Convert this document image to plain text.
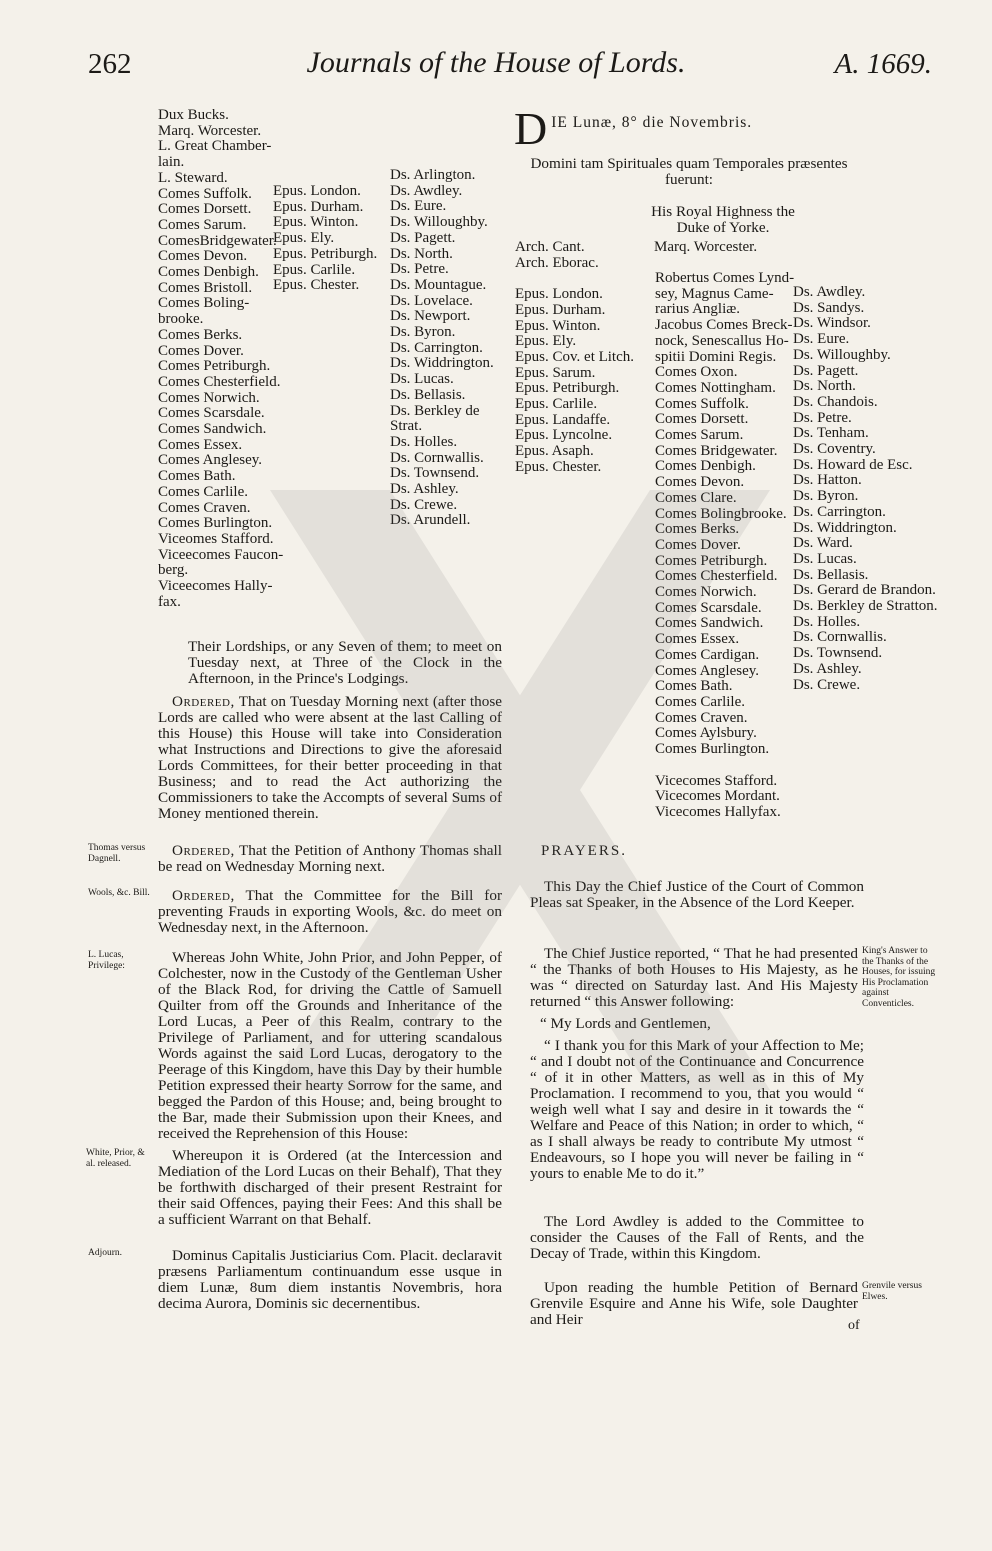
262	Journals of the House of Lords.	A. 1669.
Dux Bucks.
Marq. Worcester.
L. Great Chamber-
lain.
L. Steward.
Comes Suffolk.
Comes Dorsett.
Comes Sarum.
ComesBridgewater.
Comes Devon.
Comes Denbigh.
Comes Bristoll.
Comes Boling-
brooke.
Comes Berks.
Comes Dover.
Comes Petriburgh.
Comes Chesterfield.
Comes Norwich.
Comes Scarsdale.
Comes Sandwich.
Comes Essex.
Comes Anglesey.
Comes Bath.
Comes Carlile.
Comes Craven.
Comes Burlington.
Viceomes Stafford.
Viceecomes Faucon-
berg.
Viceecomes Hally-
fax.
Epus. London.
Epus. Durham.
Epus. Winton.
Epus. Ely.
Epus. Petriburgh.
Epus. Carlile.
Epus. Chester.
Ds. Arlington.
Ds. Awdley.
Ds. Eure.
Ds. Willoughby.
Ds. Pagett.
Ds. North.
Ds. Petre.
Ds. Mountague.
Ds. Lovelace.
Ds. Newport.
Ds. Byron.
Ds. Carrington.
Ds. Widdrington.
Ds. Lucas.
Ds. Bellasis.
Ds. Berkley de
Strat.
Ds. Holles.
Ds. Cornwallis.
Ds. Townsend.
Ds. Ashley.
Ds. Crewe.
Ds. Arundell.

Their Lordships, or any Seven of them; to meet on Tuesday next, at Three of the Clock in the Afternoon, in the Prince's Lodgings.

Ordered, That on Tuesday Morning next (after those Lords are called who were absent at the last Calling of this House) this House will take into Consideration what Instructions and Directions to give the aforesaid Lords Committees, for their better proceeding in that Business; and to read the Act authorizing the Commissioners to take the Accompts of several Sums of Money mentioned therein.

Thomas versus Dagnell.	Ordered, That the Petition of Anthony Thomas shall be read on Wednesday Morning next.

Wools, &c. Bill.	Ordered, That the Committee for the Bill for preventing Frauds in exporting Wools, &c. do meet on Wednesday next, in the Afternoon.

L. Lucas, Privilege:	Whereas John White, John Prior, and John Pepper, of Colchester, now in the Custody of the Gentleman Usher of the Black Rod, for driving the Cattle of Samuell Quilter from off the Grounds and Inheritance of the Lord Lucas, a Peer of this Realm, contrary to the Privilege of Parliament, and for uttering scandalous Words against the said Lord Lucas, derogatory to the Peerage of this Kingdom, have this Day by their humble Petition expressed their hearty Sorrow for the same, and begged the Pardon of this House; and, being brought to the Bar, made their Submission upon their Knees, and received the Reprehension of this House:

White, Prior, & al. released.	Whereupon it is Ordered (at the Intercession and Mediation of the Lord Lucas on their Behalf), That they be forthwith discharged of their present Restraint for their said Offences, paying their Fees: And this shall be a sufficient Warrant on that Behalf.

Adjourn.	Dominus Capitalis Justiciarius Com. Placit. declaravit præsens Parliamentum continuandum esse usque in diem Lunæ, 8um diem instantis Novembris, hora decima Aurora, Dominis sic decernentibus.

D IE Lunæ, 8° die Novembris.
Domini tam Spirituales quam Temporales præsentes fuerunt:
His Royal Highness the Duke of Yorke.
Marq. Worcester.
Arch. Cant.
Arch. Eborac.

Epus. London.
Epus. Durham.
Epus. Winton.
Epus. Ely.
Epus. Cov. et Litch.
Epus. Sarum.
Epus. Petriburgh.
Epus. Carlile.
Epus. Landaffe.
Epus. Lyncolne.
Epus. Asaph.
Epus. Chester.
Robertus Comes Lynd-
sey, Magnus Came-
rarius Angliæ.
Jacobus Comes Breck-
nock, Senescallus Ho-
spitii Domini Regis.
Comes Oxon.
Comes Nottingham.
Comes Suffolk.
Comes Dorsett.
Comes Sarum.
Comes Bridgewater.
Comes Denbigh.
Comes Devon.
Comes Clare.
Comes Bolingbrooke.
Comes Berks.
Comes Dover.
Comes Petriburgh.
Comes Chesterfield.
Comes Norwich.
Comes Scarsdale.
Comes Sandwich.
Comes Essex.
Comes Cardigan.
Comes Anglesey.
Comes Bath.
Comes Carlile.
Comes Craven.
Comes Aylsbury.
Comes Burlington.

Vicecomes Stafford.
Vicecomes Mordant.
Vicecomes Hallyfax.
Ds. Awdley.
Ds. Sandys.
Ds. Windsor.
Ds. Eure.
Ds. Willoughby.
Ds. Pagett.
Ds. North.
Ds. Chandois.
Ds. Petre.
Ds. Tenham.
Ds. Coventry.
Ds. Howard de Esc.
Ds. Hatton.
Ds. Byron.
Ds. Carrington.
Ds. Widdrington.
Ds. Ward.
Ds. Lucas.
Ds. Bellasis.
Ds. Gerard de Brandon.
Ds. Berkley de Stratton.
Ds. Holles.
Ds. Cornwallis.
Ds. Townsend.
Ds. Ashley.
Ds. Crewe.
PRAYERS.

This Day the Chief Justice of the Court of Common Pleas sat Speaker, in the Absence of the Lord Keeper.

The Chief Justice reported, “ That he had presented “ the Thanks of both Houses to His Majesty, as he was “ directed on Saturday last. And His Majesty returned “ this Answer following:

King's Answer to the Thanks of the Houses, for issuing His Proclamation against Conventicles.
“ My Lords and Gentlemen,

“ I thank you for this Mark of your Affection to Me; “ and I doubt not of the Continuance and Concurrence “ of it in other Matters, as well as in this of My Proclamation. I recommend to you, that you would “ weigh well what I say and desire in it towards the “ Welfare and Peace of this Nation; in order to which, “ as I shall always be ready to contribute My utmost “ Endeavours, so I hope you will never be failing in “ yours to enable Me to do it.”

The Lord Awdley is added to the Committee to consider the Causes of the Fall of Rents, and the Decay of Trade, within this Kingdom.

Upon reading the humble Petition of Bernard Grenvile Esquire and Anne his Wife, sole Daughter and Heir

Grenvile versus Elwes.
of
